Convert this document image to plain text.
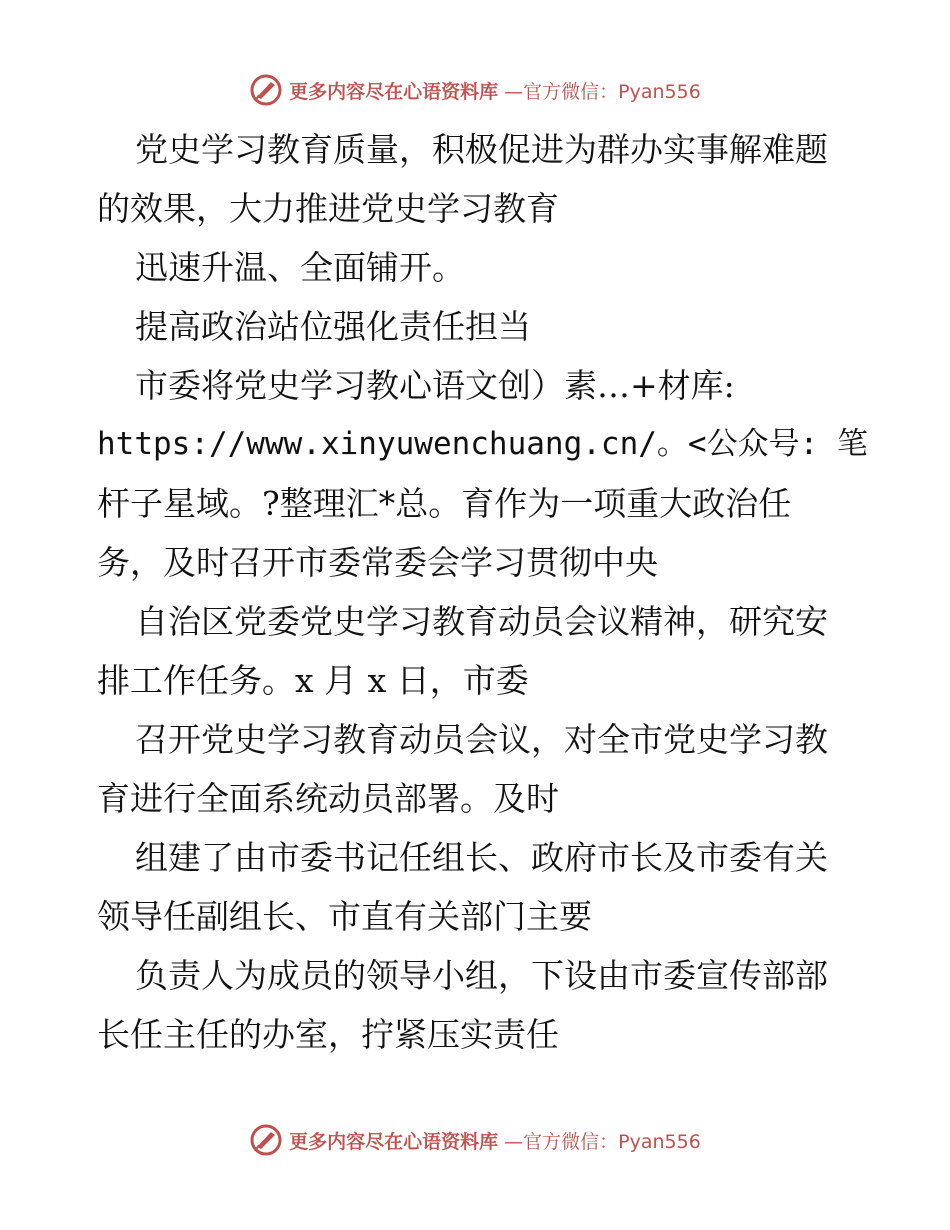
更多内容尽在心语资料库 —官方微信：Pyan556
党史学习教育质量，积极促进为群办实事解难题
的效果，大力推进党史学习教育
迅速升温、全面铺开。
提高政治站位强化责任担当
市委将党史学习教心语文创）素…+材库:
https://www.xinyuwenchuang.cn/。<公众号: 笔
杆子星域。?整理汇*总。育作为一项重大政治任
务，及时召开市委常委会学习贯彻中央
自治区党委党史学习教育动员会议精神，研究安
排工作任务。x 月 x 日，市委
召开党史学习教育动员会议，对全市党史学习教
育进行全面系统动员部署。及时
组建了由市委书记任组长、政府市长及市委有关
领导任副组长、市直有关部门主要
负责人为成员的领导小组，下设由市委宣传部部
长任主任的办室，拧紧压实责任
更多内容尽在心语资料库 —官方微信：Pyan556
